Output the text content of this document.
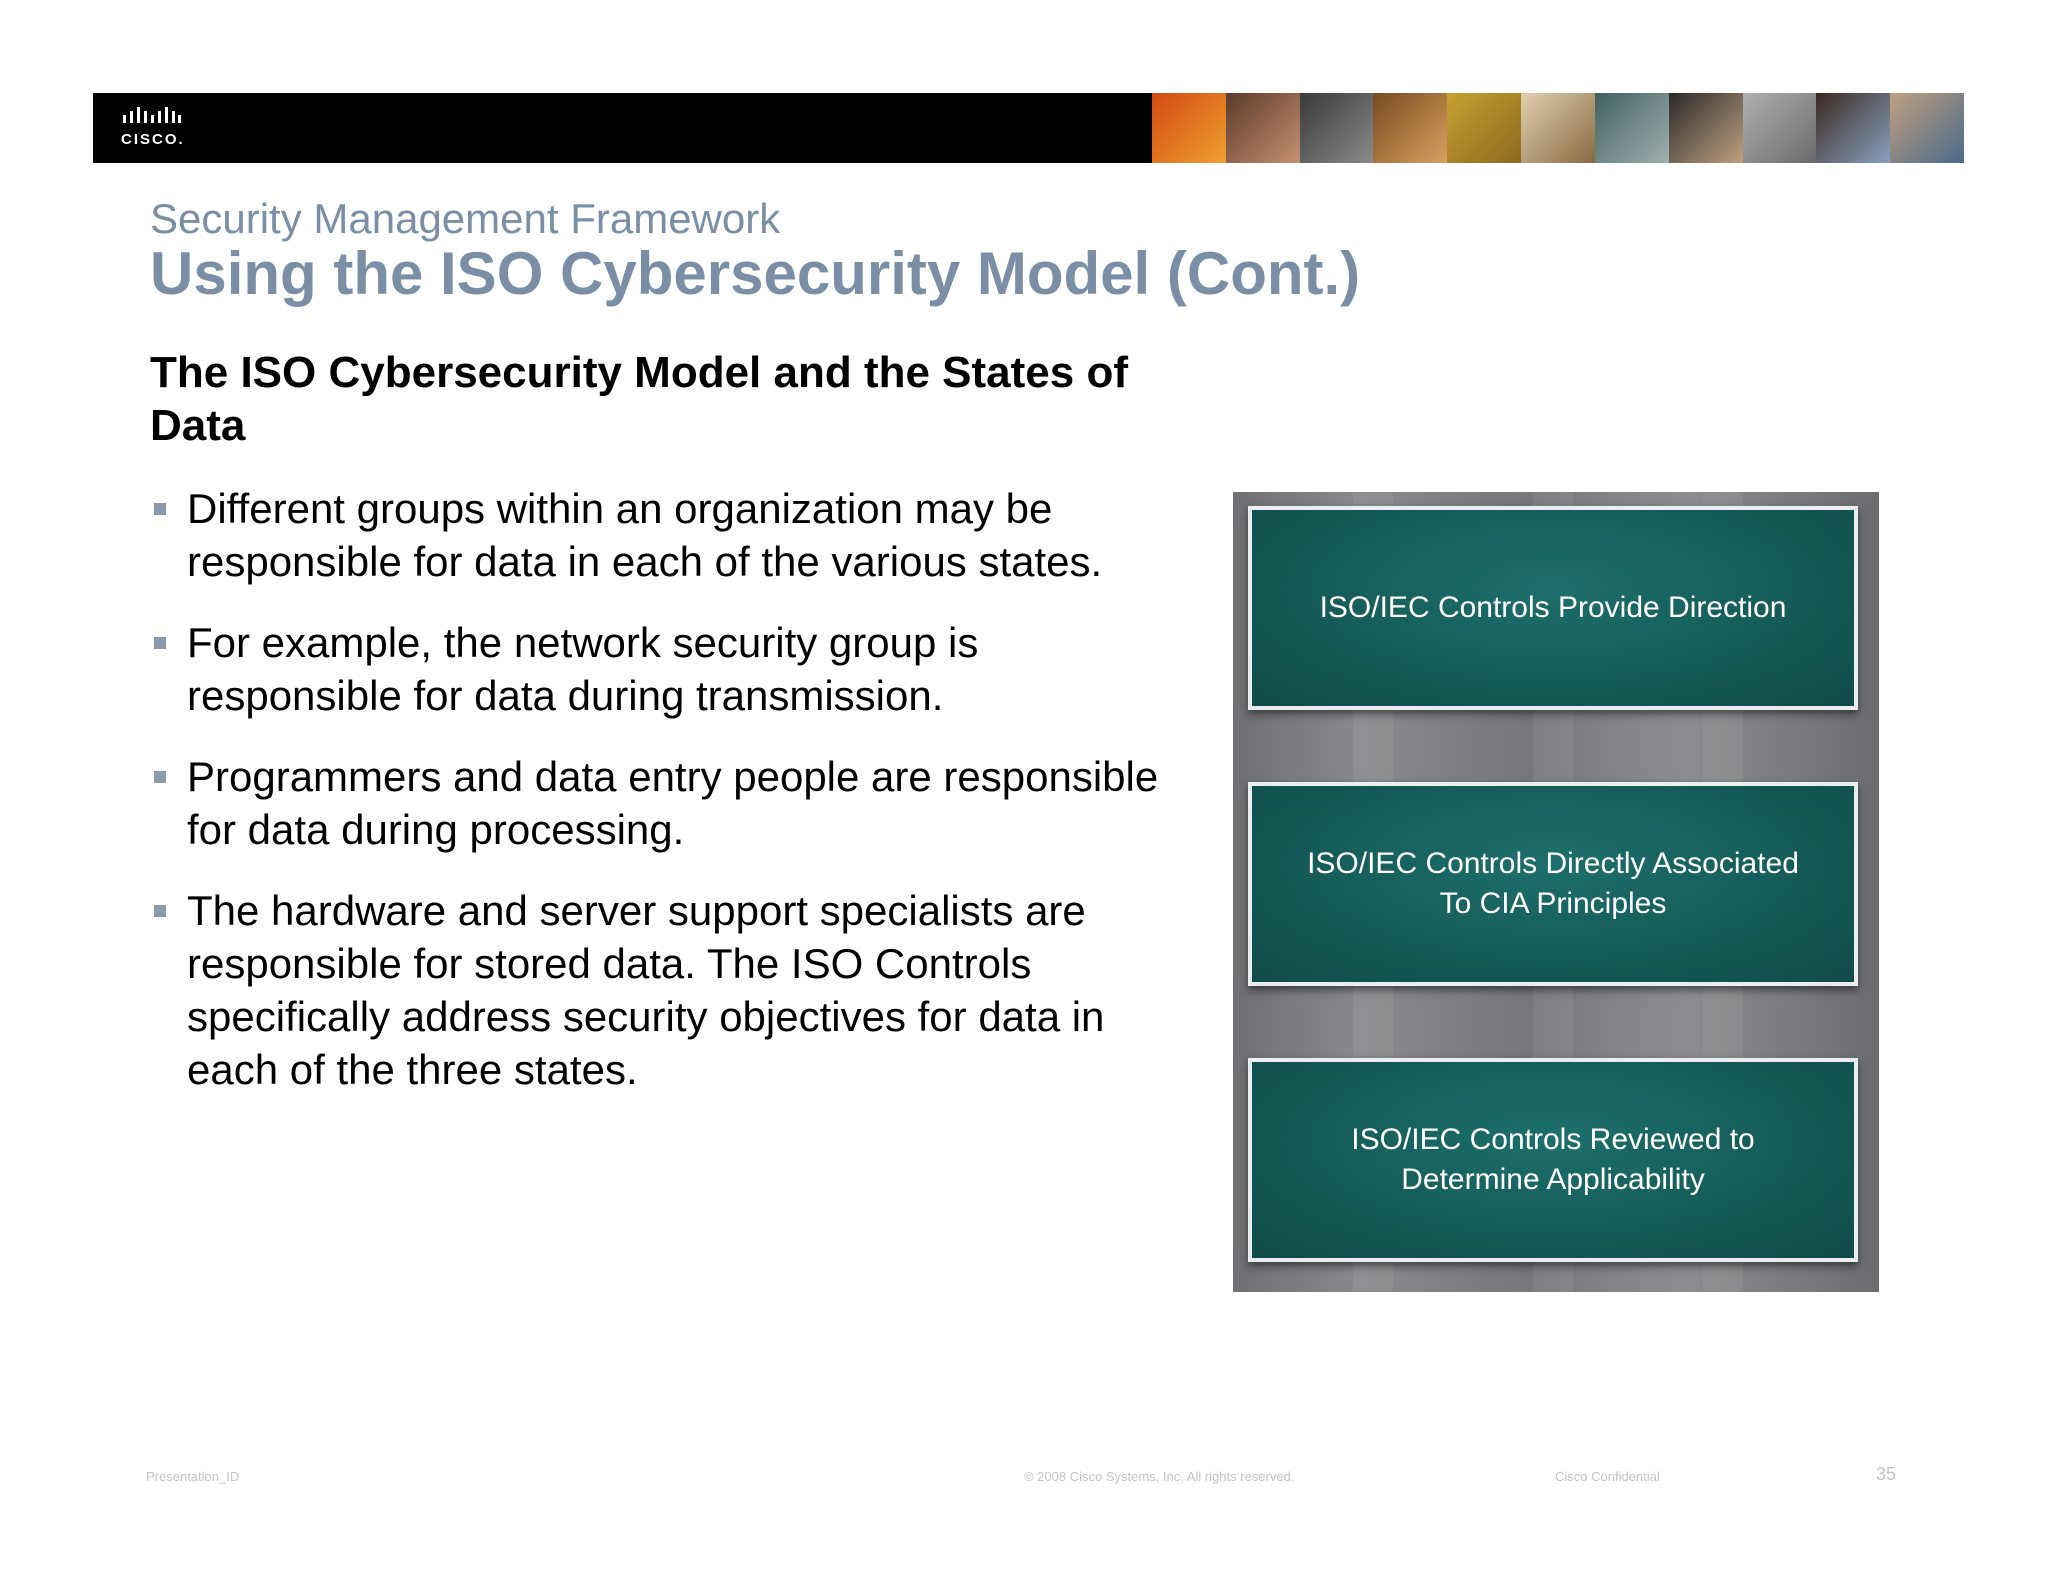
CISCO.
Security Management Framework
Using the ISO Cybersecurity Model (Cont.)
The ISO Cybersecurity Model and the States of Data
Different groups within an organization may be responsible for data in each of the various states.
For example, the network security group is responsible for data during transmission.
Programmers and data entry people are responsible for data during processing.
The hardware and server support specialists are responsible for stored data. The ISO Controls specifically address security objectives for data in each of the three states.
ISO/IEC Controls Provide Direction
ISO/IEC Controls Directly Associated
To CIA Principles
ISO/IEC Controls Reviewed to
Determine Applicability
Presentation_ID	© 2008 Cisco Systems, Inc. All rights reserved.	Cisco Confidential	35
